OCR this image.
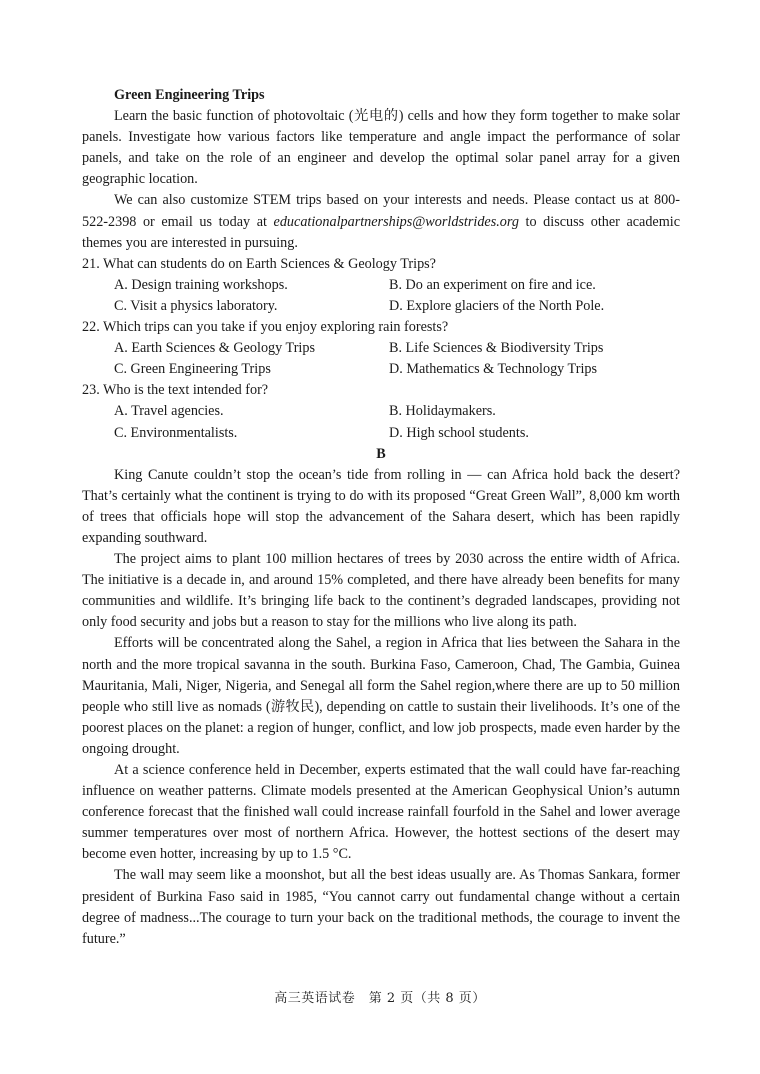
Green Engineering Trips

Learn the basic function of photovoltaic (光电的) cells and how they form together to make solar panels. Investigate how various factors like temperature and angle impact the performance of solar panels, and take on the role of an engineer and develop the optimal solar panel array for a given geographic location.

We can also customize STEM trips based on your interests and needs. Please contact us at 800-522-2398 or email us today at educationalpartnerships@worldstrides.org to discuss other academic themes you are interested in pursuing.

21. What can students do on Earth Sciences & Geology Trips?
A. Design training workshops.	B. Do an experiment on fire and ice.
C. Visit a physics laboratory.	D. Explore glaciers of the North Pole.
22. Which trips can you take if you enjoy exploring rain forests?
A. Earth Sciences & Geology Trips	B. Life Sciences & Biodiversity Trips
C. Green Engineering Trips	D. Mathematics & Technology Trips
23. Who is the text intended for?
A. Travel agencies.	B. Holidaymakers.
C. Environmentalists.	D. High school students.
B

King Canute couldn’t stop the ocean’s tide from rolling in — can Africa hold back the desert? That’s certainly what the continent is trying to do with its proposed “Great Green Wall”, 8,000 km worth of trees that officials hope will stop the advancement of the Sahara desert, which has been rapidly expanding southward.

The project aims to plant 100 million hectares of trees by 2030 across the entire width of Africa. The initiative is a decade in, and around 15% completed, and there have already been benefits for many communities and wildlife. It’s bringing life back to the continent’s degraded landscapes, providing not only food security and jobs but a reason to stay for the millions who live along its path.

Efforts will be concentrated along the Sahel, a region in Africa that lies between the Sahara in the north and the more tropical savanna in the south. Burkina Faso, Cameroon, Chad, The Gambia, Guinea Mauritania, Mali, Niger, Nigeria, and Senegal all form the Sahel region,where there are up to 50 million people who still live as nomads (游牧民), depending on cattle to sustain their livelihoods. It’s one of the poorest places on the planet: a region of hunger, conflict, and low job prospects, made even harder by the ongoing drought.

At a science conference held in December, experts estimated that the wall could have far-reaching influence on weather patterns. Climate models presented at the American Geophysical Union’s autumn conference forecast that the finished wall could increase rainfall fourfold in the Sahel and lower average summer temperatures over most of northern Africa. However, the hottest sections of the desert may become even hotter, increasing by up to 1.5 °C.

The wall may seem like a moonshot, but all the best ideas usually are. As Thomas Sankara, former president of Burkina Faso said in 1985, “You cannot carry out fundamental change without a certain degree of madness...The courage to turn your back on the traditional methods, the courage to invent the future.”

高三英语试卷　第 2 页（共 8 页）
